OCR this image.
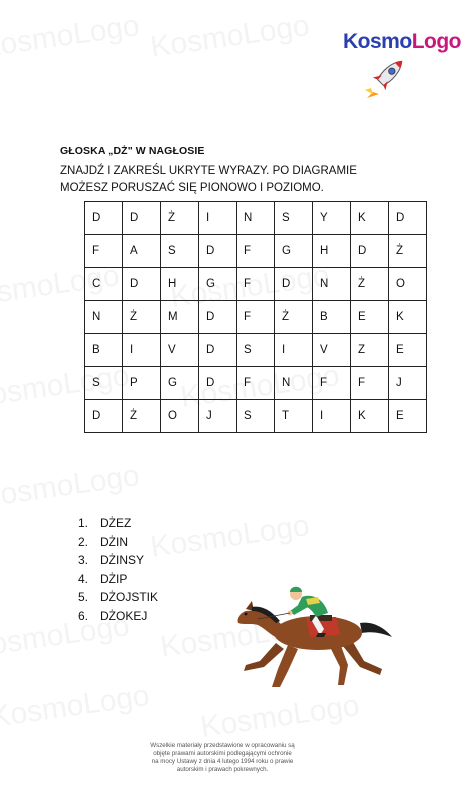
KosmoLogo
GŁOSKA „DŻ" W NAGŁOSIE

ZNAJDŹ I ZAKREŚL UKRYTE WYRAZY. PO DIAGRAMIE MOŻESZ PORUSZAĆ SIĘ PIONOWO I POZIOMO.

D	D	Ż	I	N	S	Y	K	D
F	A	S	D	F	G	H	D	Ż
C	D	H	G	F	D	N	Ż	O
N	Ż	M	D	F	Ż	B	E	K
B	I	V	D	S	I	V	Z	E
S	P	G	D	F	N	F	F	J
D	Ż	O	J	S	T	I	K	E
1. DŻEZ
2. DŻIN
3. DŻINSY
4. DŻIP
5. DŻOJSTIK
6. DŻOKEJ

Wszelkie materiały przedstawione w opracowaniu są objęte prawami autorskimi podlegającymi ochronie na mocy Ustawy z dnia 4 lutego 1994 roku o prawie autorskim i prawach pokrewnych.
